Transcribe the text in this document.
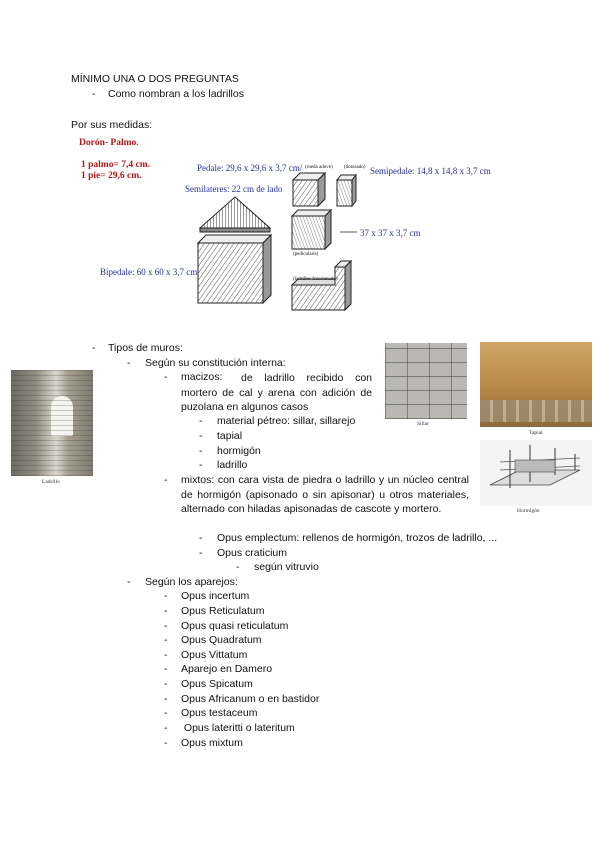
MÍNIMO UNA O DOS PREGUNTAS
- Como nombran a los ladrillos
Por sus medidas:
Dorón- Palmo.
1 palmo= 7,4 cm.
1 pie= 29,6 cm.
Pedale: 29,6 x 29,6 x 3,7 cm/ (rueda adove) (dotosado) Semipedale: 14,8 x 14,8 x 3,7 cm
Semilateres: 22 cm de lado
37 x 37 x 3,7 cm
Bipedale: 60 x 60 x 3,7 cm
(pedicularis)
(ladrillos fraccionado)
Ladrillo
Sillar
Tapial
Hormigón
- Tipos de muros:
- Según su constitución interna:
- macizos:	de ladrillo recibido con mortero de cal y arena con adición de puzolana en algunos casos
- material pétreo: sillar, sillarejo
- tapial
- hormigón
- ladrillo
- mixtos: con cara vista de piedra o ladrillo y un núcleo central de hormigón (apisonado o sin apisonar) u otros materiales, alternado con hiladas apisonadas de cascote y mortero.
- Opus emplectum: rellenos de hormigón, trozos de ladrillo, ...
- Opus craticium
- según vitruvio
- Según los aparejos:
- Opus incertum
- Opus Reticulatum
- Opus quasi reticulatum
- Opus Quadratum
- Opus Vittatum
- Aparejo en Damero
- Opus Spicatum
- Opus Africanum o en bastidor
- Opus testaceum
- Opus lateritti o lateritum
- Opus mixtum
